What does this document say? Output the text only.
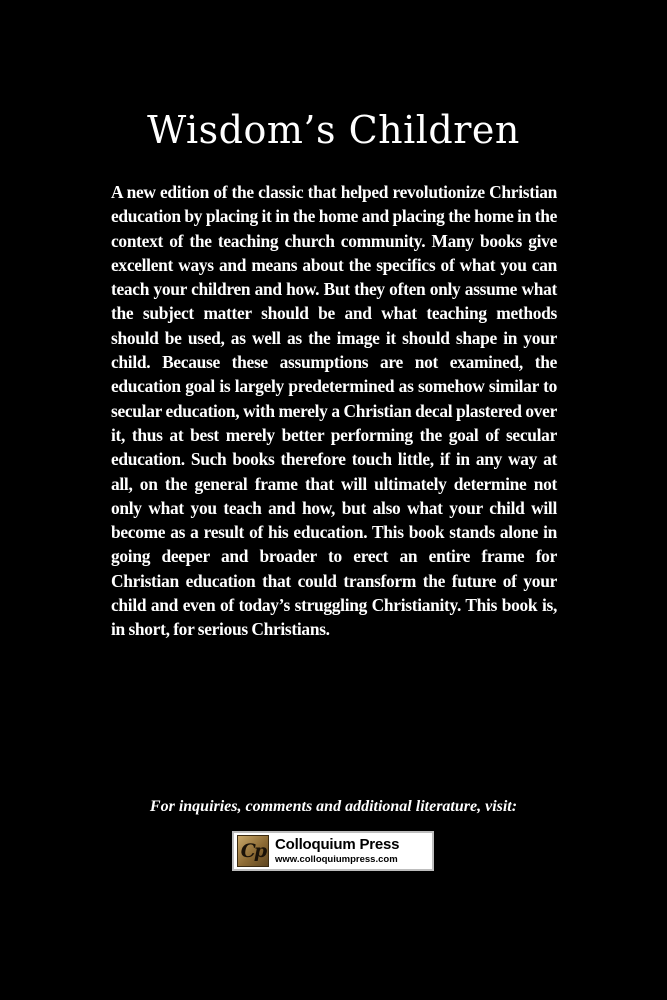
Wisdom’s Children

A new edition of the classic that helped revolutionize Christian education by placing it in the home and placing the home in the context of the teaching church community. Many books give excellent ways and means about the specifics of what you can teach your children and how. But they often only assume what the subject matter should be and what teaching methods should be used, as well as the image it should shape in your child. Because these assumptions are not examined, the education goal is largely predetermined as somehow similar to secular education, with merely a Christian decal plastered over it, thus at best merely better performing the goal of secular education. Such books therefore touch little, if in any way at all, on the general frame that will ultimately determine not only what you teach and how, but also what your child will become as a result of his education. This book stands alone in going deeper and broader to erect an entire frame for Christian education that could transform the future of your child and even of today’s struggling Christianity. This book is, in short, for serious Christians.

For inquiries, comments and additional literature, visit:

Cp Colloquium Press
www.colloquiumpress.com
